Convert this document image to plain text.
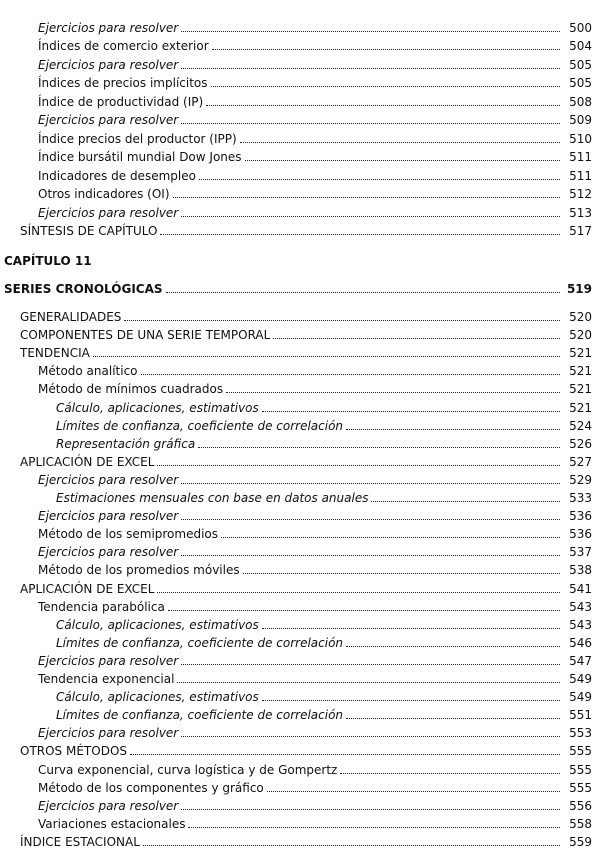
Ejercicios para resolver	500
Índices de comercio exterior	504
Ejercicios para resolver	505
Índices de precios implícitos	505
Índice de productividad (IP)	508
Ejercicios para resolver	509
Índice precios del productor (IPP)	510
Índice bursátil mundial Dow Jones	511
Indicadores de desempleo	511
Otros indicadores (OI)	512
Ejercicios para resolver	513
SÍNTESIS DE CAPÍTULO	517
CAPÍTULO 11
SERIES CRONOLÓGICAS	519
GENERALIDADES	520
COMPONENTES DE UNA SERIE TEMPORAL	520
TENDENCIA	521
Método analítico	521
Método de mínimos cuadrados	521
Cálculo, aplicaciones, estimativos	521
Límites de confianza, coeficiente de correlación	524
Representación gráfica	526
APLICACIÓN DE EXCEL	527
Ejercicios para resolver	529
Estimaciones mensuales con base en datos anuales	533
Ejercicios para resolver	536
Método de los semipromedios	536
Ejercicios para resolver	537
Método de los promedios móviles	538
APLICACIÓN DE EXCEL	541
Tendencia parabólica	543
Cálculo, aplicaciones, estimativos	543
Límites de confianza, coeficiente de correlación	546
Ejercicios para resolver	547
Tendencia exponencial	549
Cálculo, aplicaciones, estimativos	549
Límites de confianza, coeficiente de correlación	551
Ejercicios para resolver	553
OTROS MÉTODOS	555
Curva exponencial, curva logística y de Gompertz	555
Método de los componentes y gráfico	555
Ejercicios para resolver	556
Variaciones estacionales	558
ÍNDICE ESTACIONAL	559
